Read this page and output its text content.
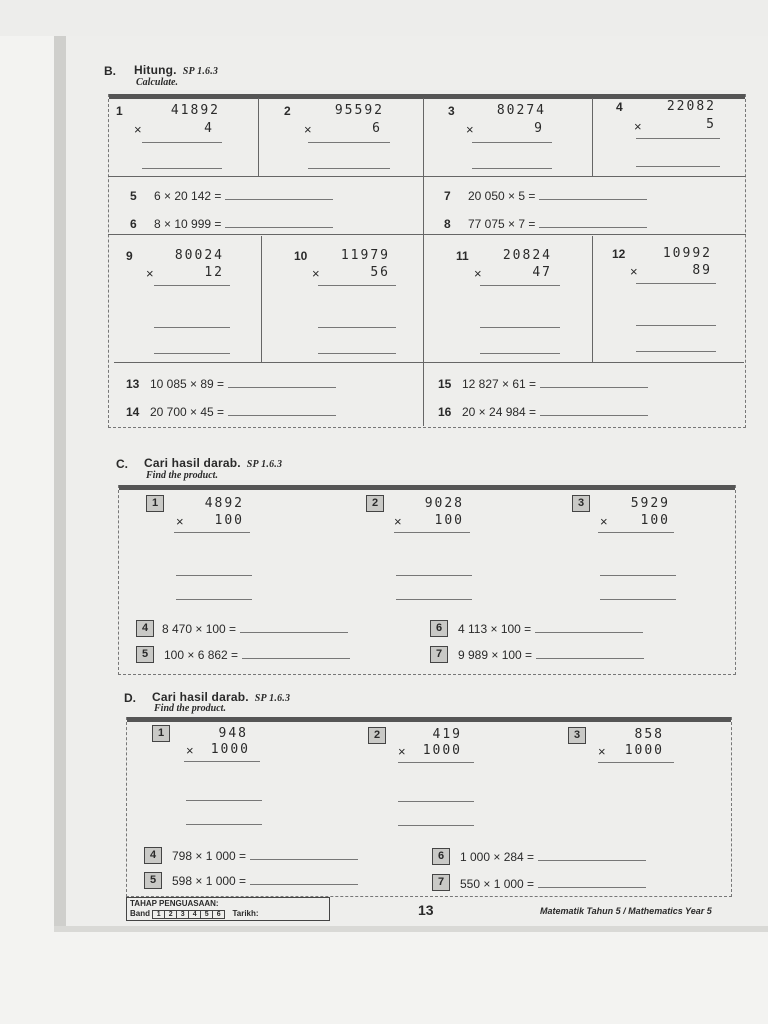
B. Hitung. SP 1.6.3
Calculate.
1	41892
×	4
2	95592
×	6
3	80274
×	9
4	22082
×	5
5 6 × 20 142 =
6 8 × 10 999 =
7 20 050 × 5 =
8 77 075 × 7 =
9	80024
×	12
10	11979
×	56
11	20824
×	47
12	10992
×	89
13 10 085 × 89 =
14 20 700 × 45 =
15 12 827 × 61 =
16 20 × 24 984 =
C. Cari hasil darab. SP 1.6.3
Find the product.
1	4892
×	100
2	9028
×	100
3	5929
×	100
4	8 470 × 100 =
5	100 × 6 862 =
6	4 113 × 100 =
7	9 989 × 100 =
D. Cari hasil darab. SP 1.6.3
Find the product.
1	948
×	1000
2	419
×	1000
3	858
×	1000
4	798 × 1 000 =
5	598 × 1 000 =
6	1 000 × 284 =
7	550 × 1 000 =
TAHAP PENGUASAAN:
Band 1 2 3 4 5 6 Tarikh:	13	Matematik Tahun 5 / Mathematics Year 5
